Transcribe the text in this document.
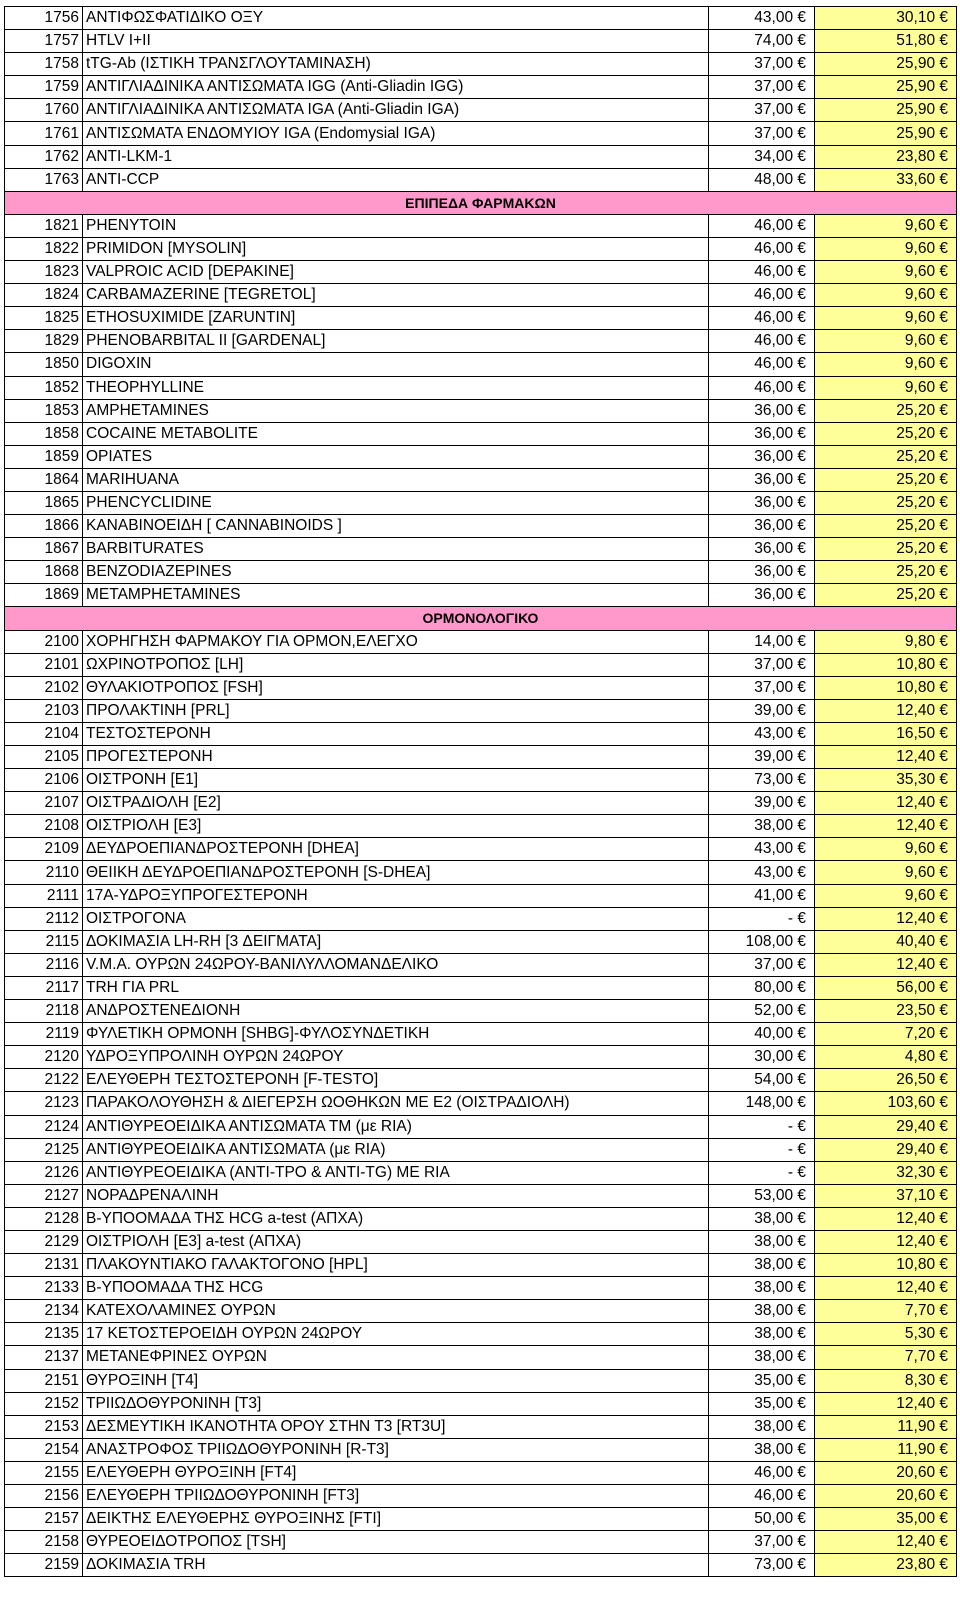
1756	ΑΝΤΙΦΩΣΦΑΤΙΔΙΚΟ ΟΞΥ	43,00 €	30,10 €
1757	HTLV I+II	74,00 €	51,80 €
1758	tTG-Ab (ΙΣΤΙΚΗ ΤΡΑΝΣΓΛΟΥΤΑΜΙΝΑΣΗ)	37,00 €	25,90 €
1759	ΑΝΤΙΓΛΙΑΔΙΝΙΚΑ ΑΝΤΙΣΩΜΑΤΑ IGG (Anti-Gliadin IGG)	37,00 €	25,90 €
1760	ΑΝΤΙΓΛΙΑΔΙΝΙΚΑ ΑΝΤΙΣΩΜΑΤΑ IGA (Anti-Gliadin IGA)	37,00 €	25,90 €
1761	ΑΝΤΙΣΩΜΑΤΑ ΕΝΔΟΜΥΙΟΥ IGA (Endomysial IGA)	37,00 €	25,90 €
1762	ANTI-LKM-1	34,00 €	23,80 €
1763	ANTI-CCP	48,00 €	33,60 €
ΕΠΙΠΕΔΑ ΦΑΡΜΑΚΩΝ			
1821	PHENYTOIN	46,00 €	9,60 €
1822	PRIMIDON [MYSOLIN]	46,00 €	9,60 €
1823	VALPROIC ACID [DEPAKINE]	46,00 €	9,60 €
1824	CARBAMAZERINE [TEGRETOL]	46,00 €	9,60 €
1825	ETHOSUXIMIDE [ZARUNTIN]	46,00 €	9,60 €
1829	PHENOBARBITAL II [GARDENAL]	46,00 €	9,60 €
1850	DIGOXIN	46,00 €	9,60 €
1852	THEOPHYLLINE	46,00 €	9,60 €
1853	AMPHETAMINES	36,00 €	25,20 €
1858	COCAINE METABOLITE	36,00 €	25,20 €
1859	OPIATES	36,00 €	25,20 €
1864	MARIHUANA	36,00 €	25,20 €
1865	PHENCYCLIDINE	36,00 €	25,20 €
1866	ΚΑΝΑΒΙΝΟΕΙΔΗ [ CANNABINOIDS ]	36,00 €	25,20 €
1867	BARBITURATES	36,00 €	25,20 €
1868	BENZODIAZEPINES	36,00 €	25,20 €
1869	METAMPHETAMINES	36,00 €	25,20 €
ΟΡΜΟΝΟΛΟΓΙΚΟ			
2100	ΧΟΡΗΓΗΣΗ ΦΑΡΜΑΚΟΥ ΓΙΑ ΟΡΜΟΝ,ΕΛΕΓΧΟ	14,00 €	9,80 €
2101	ΩΧΡΙΝΟΤΡΟΠΟΣ [LH]	37,00 €	10,80 €
2102	ΘΥΛΑΚΙΟΤΡΟΠΟΣ [FSH]	37,00 €	10,80 €
2103	ΠΡΟΛΑΚΤΙΝΗ [PRL]	39,00 €	12,40 €
2104	ΤΕΣΤΟΣΤΕΡΟΝΗ	43,00 €	16,50 €
2105	ΠΡΟΓΕΣΤΕΡΟΝΗ	39,00 €	12,40 €
2106	ΟΙΣΤΡΟΝΗ [Ε1]	73,00 €	35,30 €
2107	ΟΙΣΤΡΑΔΙΟΛΗ [Ε2]	39,00 €	12,40 €
2108	ΟΙΣΤΡΙΟΛΗ [Ε3]	38,00 €	12,40 €
2109	ΔΕΥΔΡΟΕΠΙΑΝΔΡΟΣΤΕΡΟΝΗ [DHEA]	43,00 €	9,60 €
2110	ΘΕΙΙΚΗ ΔΕΥΔΡΟΕΠΙΑΝΔΡΟΣΤΕΡΟΝΗ [S-DHEA]	43,00 €	9,60 €
2111	17Α-ΥΔΡΟΞΥΠΡΟΓΕΣΤΕΡΟΝΗ	41,00 €	9,60 €
2112	ΟΙΣΤΡΟΓΟΝΑ	- €	12,40 €
2115	ΔΟΚΙΜΑΣΙΑ LH-RH [3 ΔΕΙΓΜΑΤΑ]	108,00 €	40,40 €
2116	V.M.A. ΟΥΡΩΝ 24ΩΡΟΥ-ΒΑΝΙΛΥΛΛΟΜΑΝΔΕΛΙΚΟ	37,00 €	12,40 €
2117	TRH ΓΙΑ PRL	80,00 €	56,00 €
2118	ΑΝΔΡΟΣΤΕΝΕΔΙΟΝΗ	52,00 €	23,50 €
2119	ΦΥΛΕΤΙΚΗ ΟΡΜΟΝΗ [SHBG]-ΦΥΛΟΣΥΝΔΕΤΙΚΗ	40,00 €	7,20 €
2120	ΥΔΡΟΞΥΠΡΟΛΙΝΗ ΟΥΡΩΝ 24ΩΡΟΥ	30,00 €	4,80 €
2122	ΕΛΕΥΘΕΡΗ ΤΕΣΤΟΣΤΕΡΟΝΗ [F-TESTO]	54,00 €	26,50 €
2123	ΠΑΡΑΚΟΛΟΥΘΗΣΗ & ΔΙΕΓΕΡΣΗ ΩΟΘΗΚΩΝ ΜΕ Ε2 (ΟΙΣΤΡΑΔΙΟΛΗ)	148,00 €	103,60 €
2124	ΑΝΤΙΘΥΡΕΟΕΙΔΙΚΑ ΑΝΤΙΣΩΜΑΤΑ ΤΜ (με RIA)	- €	29,40 €
2125	ΑΝΤΙΘΥΡΕΟΕΙΔΙΚΑ ΑΝΤΙΣΩΜΑΤΑ (με RIA)	- €	29,40 €
2126	ΑΝΤΙΘΥΡΕΟΕΙΔΙΚΑ (ΑΝΤΙ-TPO & ANTI-TG) ΜΕ RIA	- €	32,30 €
2127	ΝΟΡΑΔΡΕΝΑΛΙΝΗ	53,00 €	37,10 €
2128	Β-ΥΠΟΟΜΑΔΑ ΤΗΣ HCG a-test (ΑΠΧΑ)	38,00 €	12,40 €
2129	ΟΙΣΤΡΙΟΛΗ [Ε3] a-test (ΑΠΧΑ)	38,00 €	12,40 €
2131	ΠΛΑΚΟΥΝΤΙΑΚΟ ΓΑΛΑΚΤΟΓΟΝΟ [HPL]	38,00 €	10,80 €
2133	Β-ΥΠΟΟΜΑΔΑ ΤΗΣ HCG	38,00 €	12,40 €
2134	ΚΑΤΕΧΟΛΑΜΙΝΕΣ ΟΥΡΩΝ	38,00 €	7,70 €
2135	17 ΚΕΤΟΣΤΕΡΟΕΙΔΗ ΟΥΡΩΝ 24ΩΡΟΥ	38,00 €	5,30 €
2137	ΜΕΤΑΝΕΦΡΙΝΕΣ ΟΥΡΩΝ	38,00 €	7,70 €
2151	ΘΥΡΟΞΙΝΗ [Τ4]	35,00 €	8,30 €
2152	ΤΡΙΙΩΔΟΘΥΡΟΝΙΝΗ [Τ3]	35,00 €	12,40 €
2153	ΔΕΣΜΕΥΤΙΚΗ ΙΚΑΝΟΤΗΤΑ ΟΡΟΥ ΣΤΗΝ Τ3 [RT3U]	38,00 €	11,90 €
2154	ΑΝΑΣΤΡΟΦΟΣ ΤΡΙΙΩΔΟΘΥΡΟΝΙΝΗ [R-T3]	38,00 €	11,90 €
2155	ΕΛΕΥΘΕΡΗ ΘΥΡΟΞΙΝΗ [FT4]	46,00 €	20,60 €
2156	ΕΛΕΥΘΕΡΗ ΤΡΙΙΩΔΟΘΥΡΟΝΙΝΗ [FT3]	46,00 €	20,60 €
2157	ΔΕΙΚΤΗΣ ΕΛΕΥΘΕΡΗΣ ΘΥΡΟΞΙΝΗΣ [FTI]	50,00 €	35,00 €
2158	ΘΥΡΕΟΕΙΔΟΤΡΟΠΟΣ [TSH]	37,00 €	12,40 €
2159	ΔΟΚΙΜΑΣΙΑ TRH	73,00 €	23,80 €
